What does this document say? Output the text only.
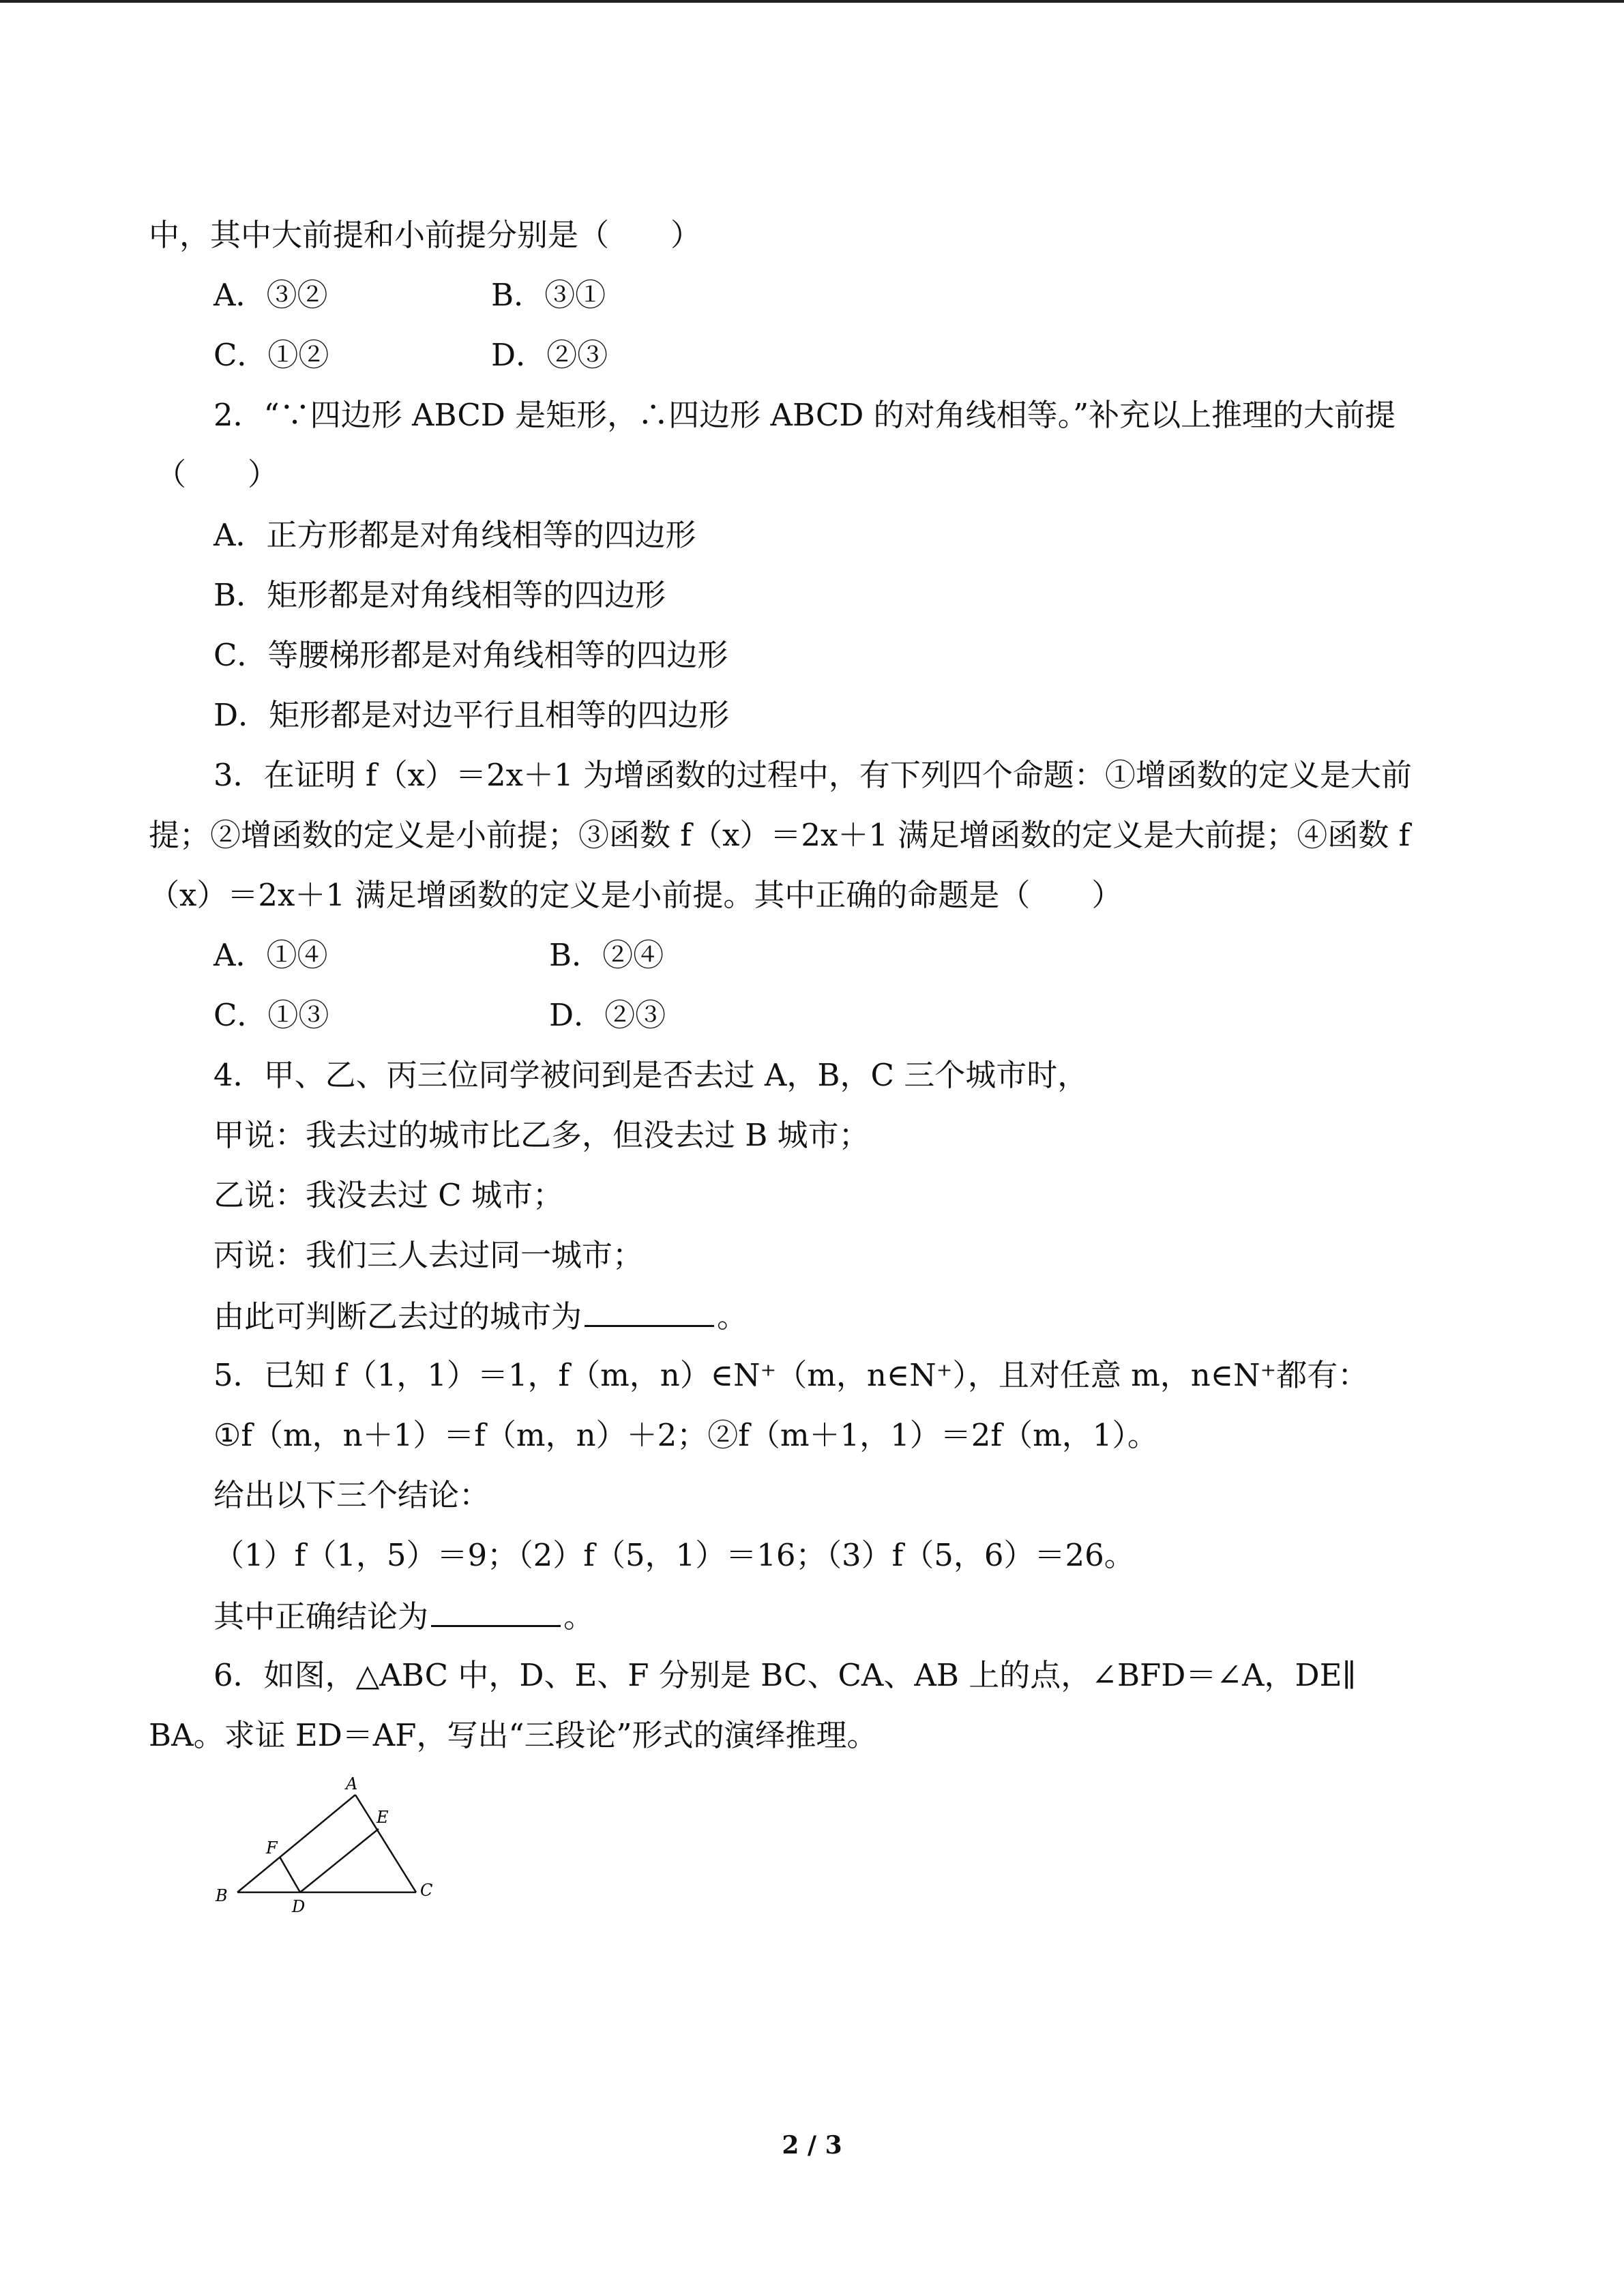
中，其中大前提和小前提分别是（　　）
A．③②	B．③①
C．①②	D．②③
2．“∵四边形 ABCD 是矩形，∴四边形 ABCD 的对角线相等。”补充以上推理的大前提
（　　）
A．正方形都是对角线相等的四边形
B．矩形都是对角线相等的四边形
C．等腰梯形都是对角线相等的四边形
D．矩形都是对边平行且相等的四边形
3．在证明 f（x）＝2x＋1 为增函数的过程中，有下列四个命题：①增函数的定义是大前
提；②增函数的定义是小前提；③函数 f（x）＝2x＋1 满足增函数的定义是大前提；④函数 f
（x）＝2x＋1 满足增函数的定义是小前提。其中正确的命题是（　　）
A．①④	B．②④
C．①③	D．②③
4．甲、乙、丙三位同学被问到是否去过 A，B，C 三个城市时，
甲说：我去过的城市比乙多，但没去过 B 城市；
乙说：我没去过 C 城市；
丙说：我们三人去过同一城市；
由此可判断乙去过的城市为	。
5．已知 f（1，1）＝1，f（m，n）∈N⁺（m，n∈N⁺），且对任意 m，n∈N⁺都有：
①f（m，n＋1）＝f（m，n）＋2；②f（m＋1，1）＝2f（m，1）。
给出以下三个结论：
（1）f（1，5）＝9；（2）f（5，1）＝16；（3）f（5，6）＝26。
其中正确结论为	。
6．如图，△ABC 中，D、E、F 分别是 BC、CA、AB 上的点，∠BFD＝∠A，DE∥
BA。求证 ED＝AF，写出“三段论”形式的演绎推理。
A
B	C
D
E
F
2 / 3
